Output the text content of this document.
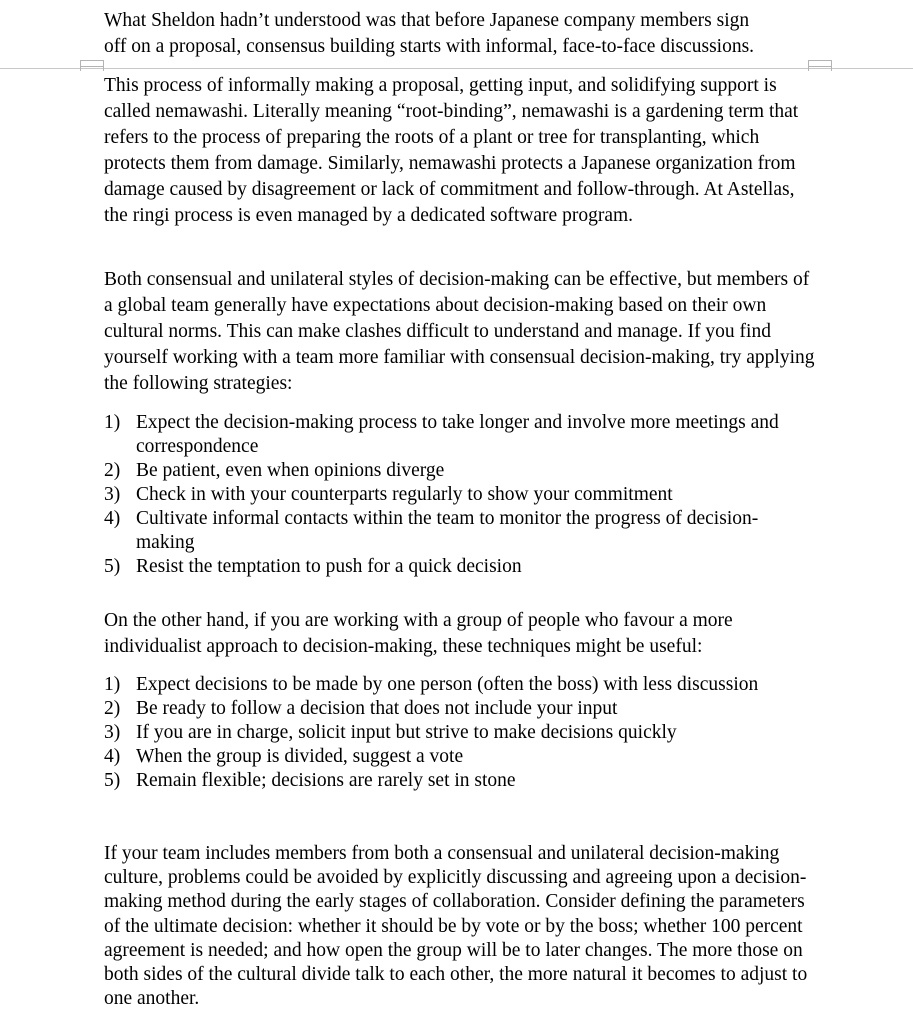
What Sheldon hadn’t understood was that before Japanese company members sign
off on a proposal, consensus building starts with informal, face-to-face discussions.

This process of informally making a proposal, getting input, and solidifying support is called nemawashi. Literally meaning “root-binding”, nemawashi is a gardening term that refers to the process of preparing the roots of a plant or tree for transplanting, which protects them from damage. Similarly, nemawashi protects a Japanese organization from damage caused by disagreement or lack of commitment and follow-through. At Astellas, the ringi process is even managed by a dedicated software program.

Both consensual and unilateral styles of decision-making can be effective, but members of a global team generally have expectations about decision-making based on their own cultural norms. This can make clashes difficult to understand and manage. If you find yourself working with a team more familiar with consensual decision-making, try applying the following strategies:

1) Expect the decision-making process to take longer and involve more meetings and correspondence
2) Be patient, even when opinions diverge
3) Check in with your counterparts regularly to show your commitment
4) Cultivate informal contacts within the team to monitor the progress of decision-making
5) Resist the temptation to push for a quick decision

On the other hand, if you are working with a group of people who favour a more individualist approach to decision-making, these techniques might be useful:

1) Expect decisions to be made by one person (often the boss) with less discussion
2) Be ready to follow a decision that does not include your input
3) If you are in charge, solicit input but strive to make decisions quickly
4) When the group is divided, suggest a vote
5) Remain flexible; decisions are rarely set in stone

If your team includes members from both a consensual and unilateral decision-making culture, problems could be avoided by explicitly discussing and agreeing upon a decision-making method during the early stages of collaboration. Consider defining the parameters of the ultimate decision: whether it should be by vote or by the boss; whether 100 percent agreement is needed; and how open the group will be to later changes. The more those on both sides of the cultural divide talk to each other, the more natural it becomes to adjust to one another.
